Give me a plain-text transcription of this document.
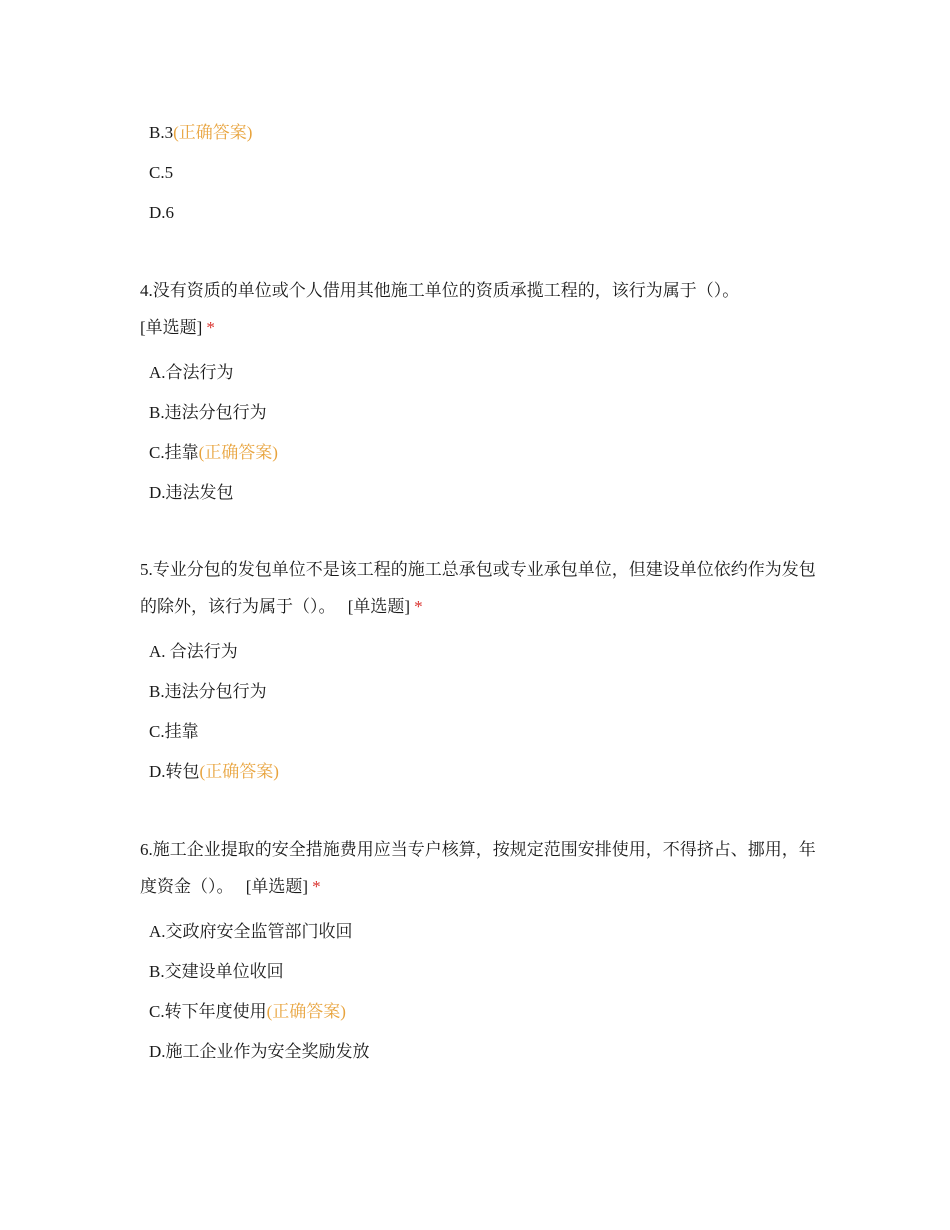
B.3(正确答案)
C.5
D.6
4.没有资质的单位或个人借用其他施工单位的资质承揽工程的，该行为属于（）。
[单选题] *
A.合法行为
B.违法分包行为
C.挂靠(正确答案)
D.违法发包
5.专业分包的发包单位不是该工程的施工总承包或专业承包单位，但建设单位依约作为发包 的除外，该行为属于（）。 [单选题] *
A. 合法行为
B.违法分包行为
C.挂靠
D.转包(正确答案)
6.施工企业提取的安全措施费用应当专户核算，按规定范围安排使用，不得挤占、挪用，年 度资金（）。 [单选题] *
A.交政府安全监管部门收回
B.交建设单位收回
C.转下年度使用(正确答案)
D.施工企业作为安全奖励发放
